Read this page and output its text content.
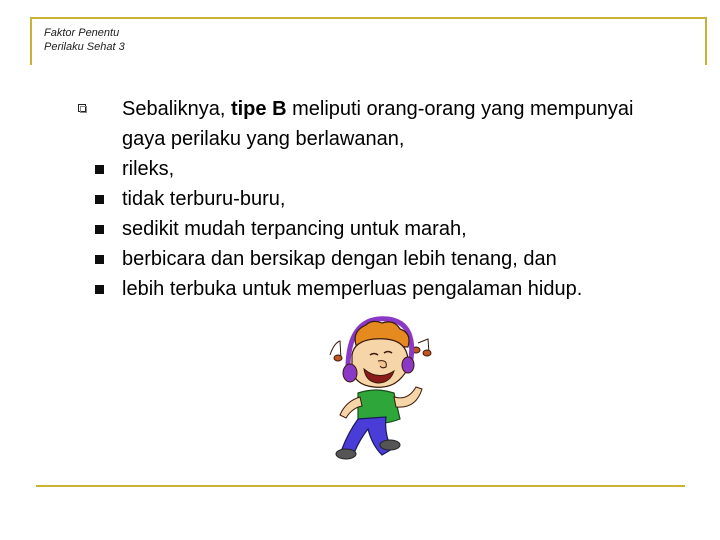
Faktor Penentu
Perilaku Sehat 3
Sebaliknya, tipe B meliputi orang-orang yang mempunyai gaya perilaku yang berlawanan,
rileks,
tidak terburu-buru,
sedikit mudah terpancing untuk marah,
berbicara dan bersikap dengan lebih tenang, dan
lebih terbuka untuk memperluas pengalaman hidup.
